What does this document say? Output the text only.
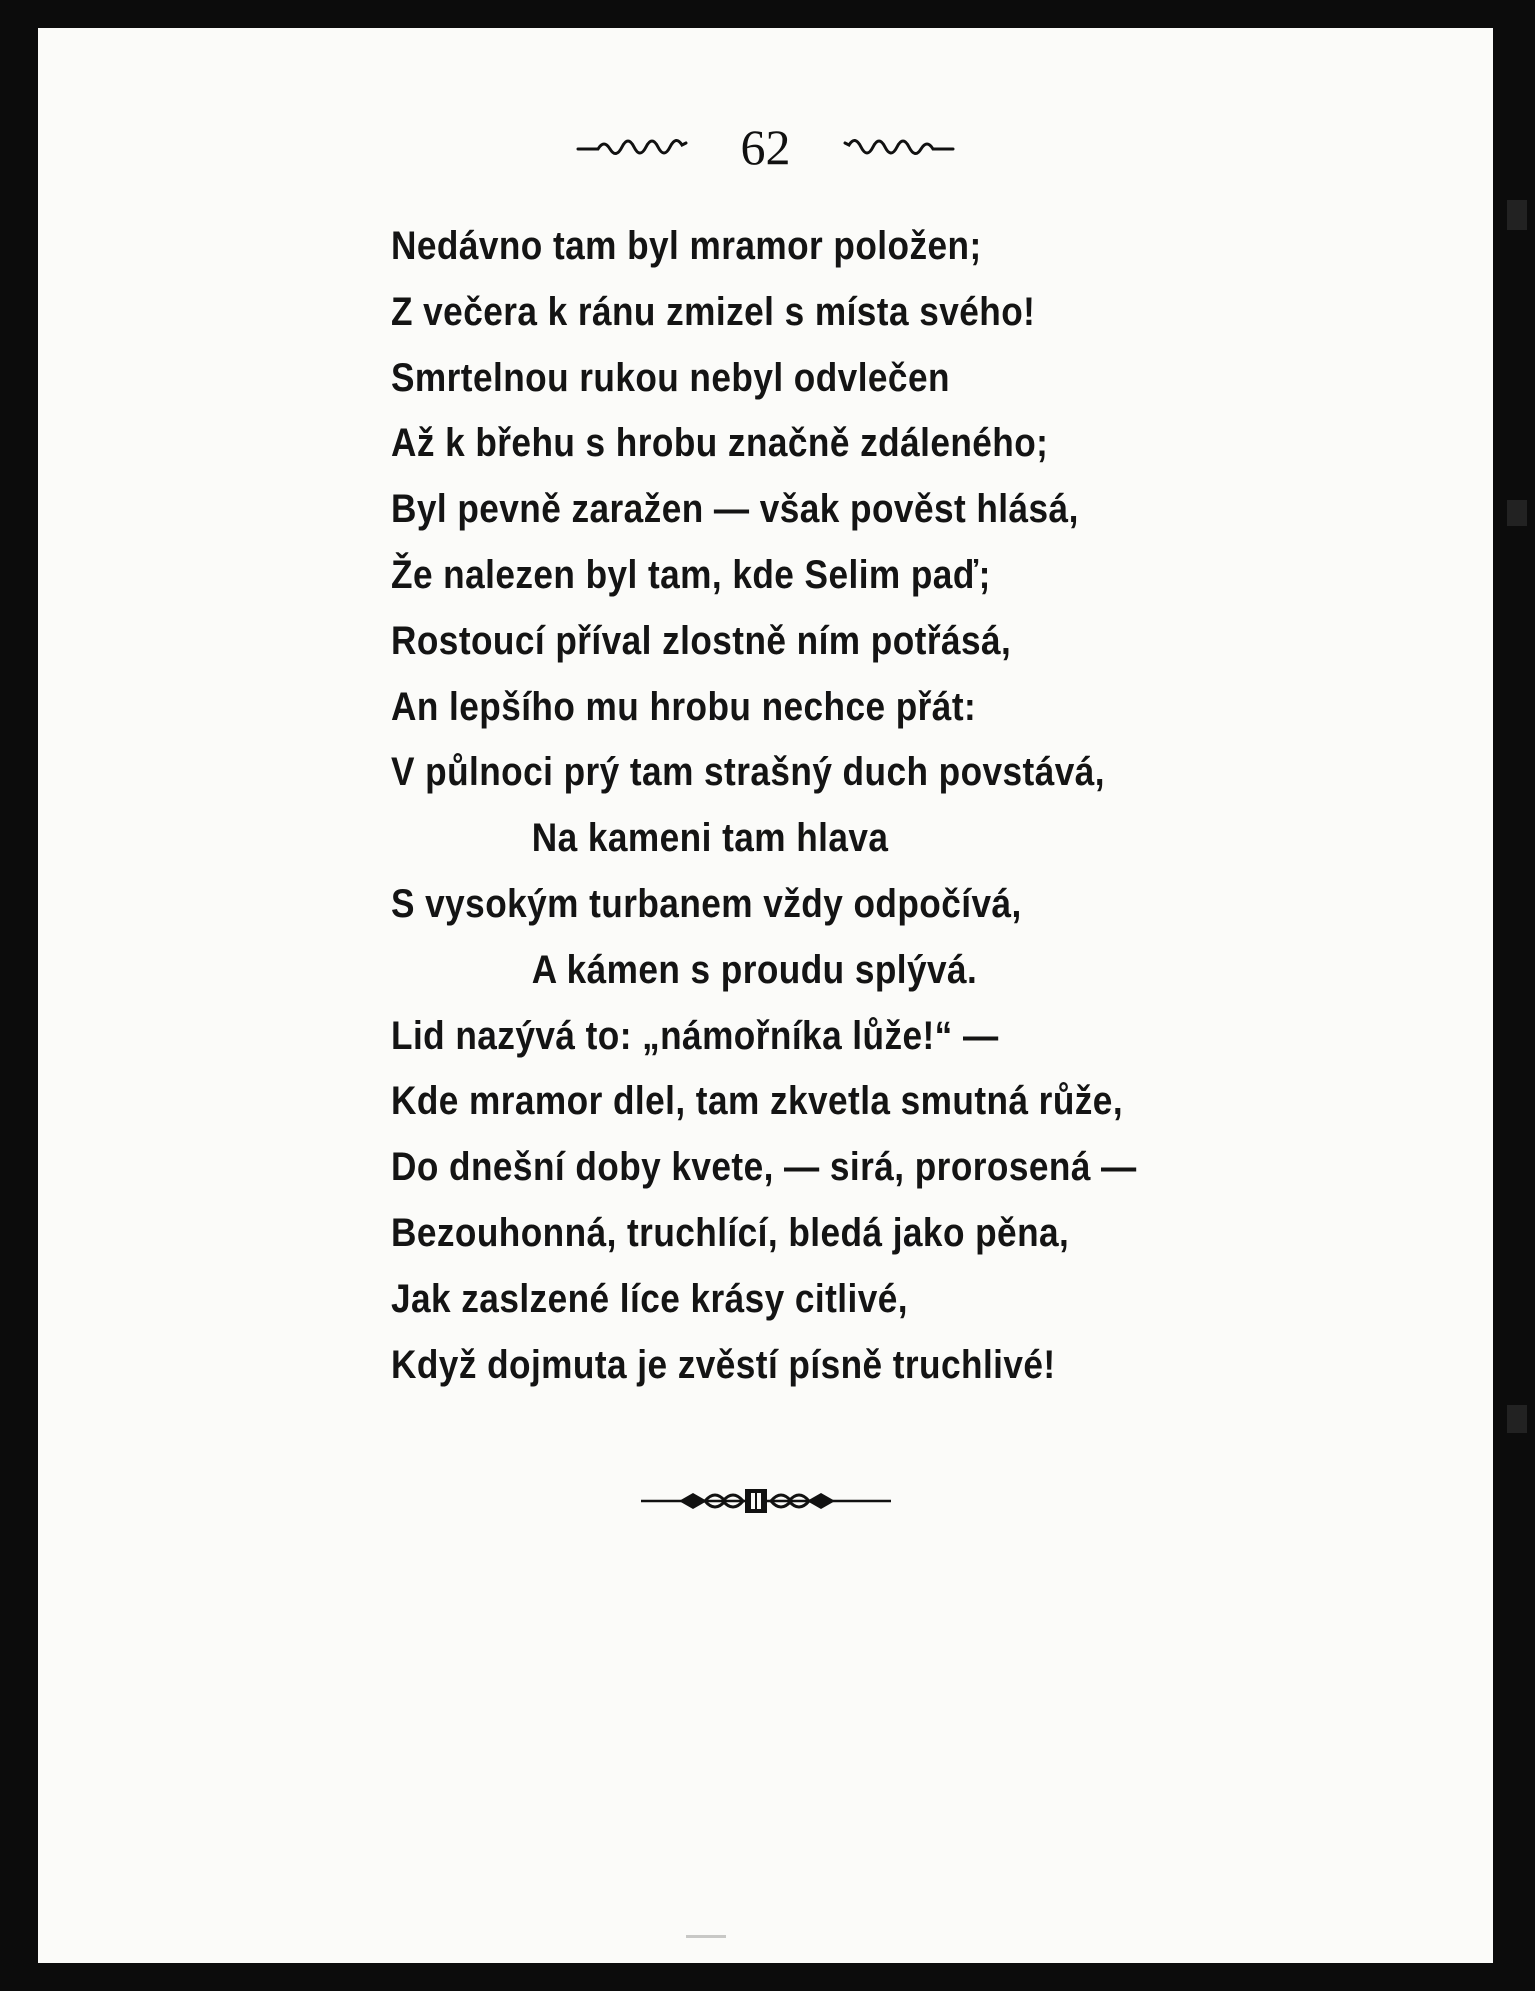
62
Nedávno tam byl mramor položen;
Z večera k ránu zmizel s místa svého!
Smrtelnou rukou nebyl odvlečen
Až k břehu s hrobu značně zdáleného;
Byl pevně zaražen — však pověst hlásá,
Že nalezen byl tam, kde Selim paď;
Rostoucí příval zlostně ním potřásá,
An lepšího mu hrobu nechce přát:
V půlnoci prý tam strašný duch povstává,
Na kameni tam hlava
S vysokým turbanem vždy odpočívá,
A kámen s proudu splývá.
Lid nazývá to: „námořníka lůže!“ —
Kde mramor dlel, tam zkvetla smutná růže,
Do dnešní doby kvete, — sirá, prorosená —
Bezouhonná, truchlící, bledá jako pěna,
Jak zaslzené líce krásy citlivé,
Když dojmuta je zvěstí písně truchlivé!
